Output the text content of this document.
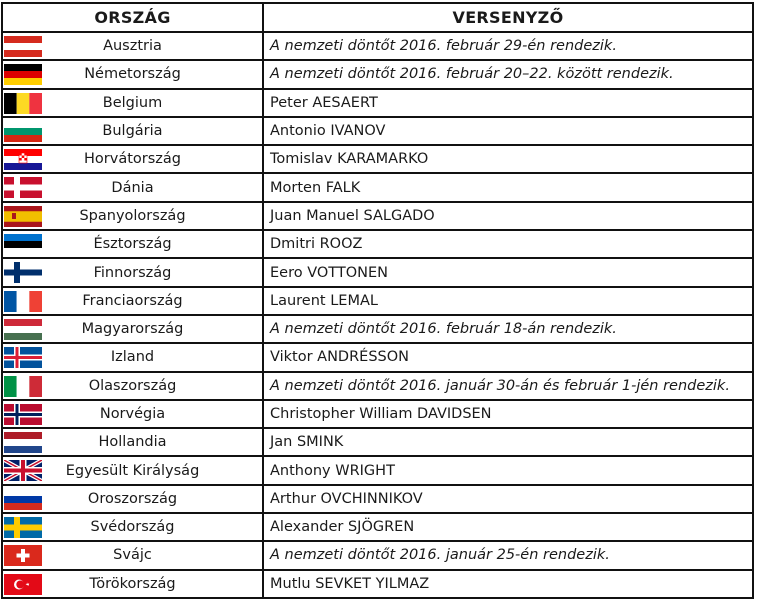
ORSZÁG	VERSENYZŐ

Ausztria	A nemzeti döntőt 2016. február 29-én rendezik.

Németország	A nemzeti döntőt 2016. február 20–22. között rendezik.

Belgium	Peter AESAERT

Bulgária	Antonio IVANOV

Horvátország	Tomislav KARAMARKO

Dánia	Morten FALK

Spanyolország	Juan Manuel SALGADO

Észtország	Dmitri ROOZ

Finnország	Eero VOTTONEN

Franciaország	Laurent LEMAL

Magyarország	A nemzeti döntőt 2016. február 18-án rendezik.

Izland	Viktor ANDRÉSSON

Olaszország	A nemzeti döntőt 2016. január 30-án és február 1-jén rendezik.

Norvégia	Christopher William DAVIDSEN

Hollandia	Jan SMINK

Egyesült Királyság	Anthony WRIGHT

Oroszország	Arthur OVCHINNIKOV

Svédország	Alexander SJÖGREN

Svájc	A nemzeti döntőt 2016. január 25-én rendezik.

Törökország	Mutlu SEVKET YILMAZ
